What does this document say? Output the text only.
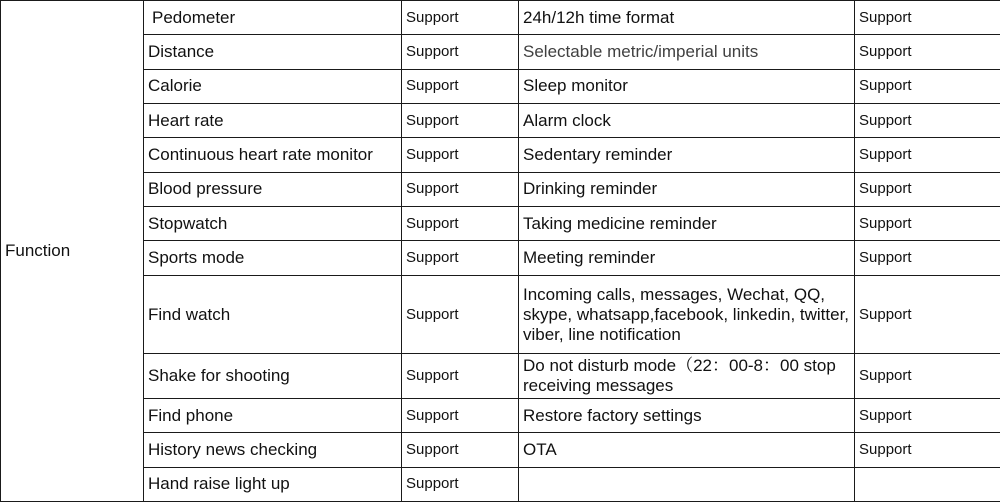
Function	Pedometer	Support	24h/12h time format	Support
	Distance	Support	Selectable metric/imperial units	Support
	Calorie	Support	Sleep monitor	Support
	Heart rate	Support	Alarm clock	Support
	Continuous heart rate monitor	Support	Sedentary reminder	Support
	Blood pressure	Support	Drinking reminder	Support
	Stopwatch	Support	Taking medicine reminder	Support
	Sports mode	Support	Meeting reminder	Support
	Find watch	Support	Incoming calls, messages, Wechat, QQ, skype, whatsapp,facebook, linkedin, twitter, viber, line notification	Support
	Shake for shooting	Support	Do not disturb mode（22：00-8：00 stop receiving messages	Support
	Find phone	Support	Restore factory settings	Support
	History news checking	Support	OTA	Support
	Hand raise light up	Support		
